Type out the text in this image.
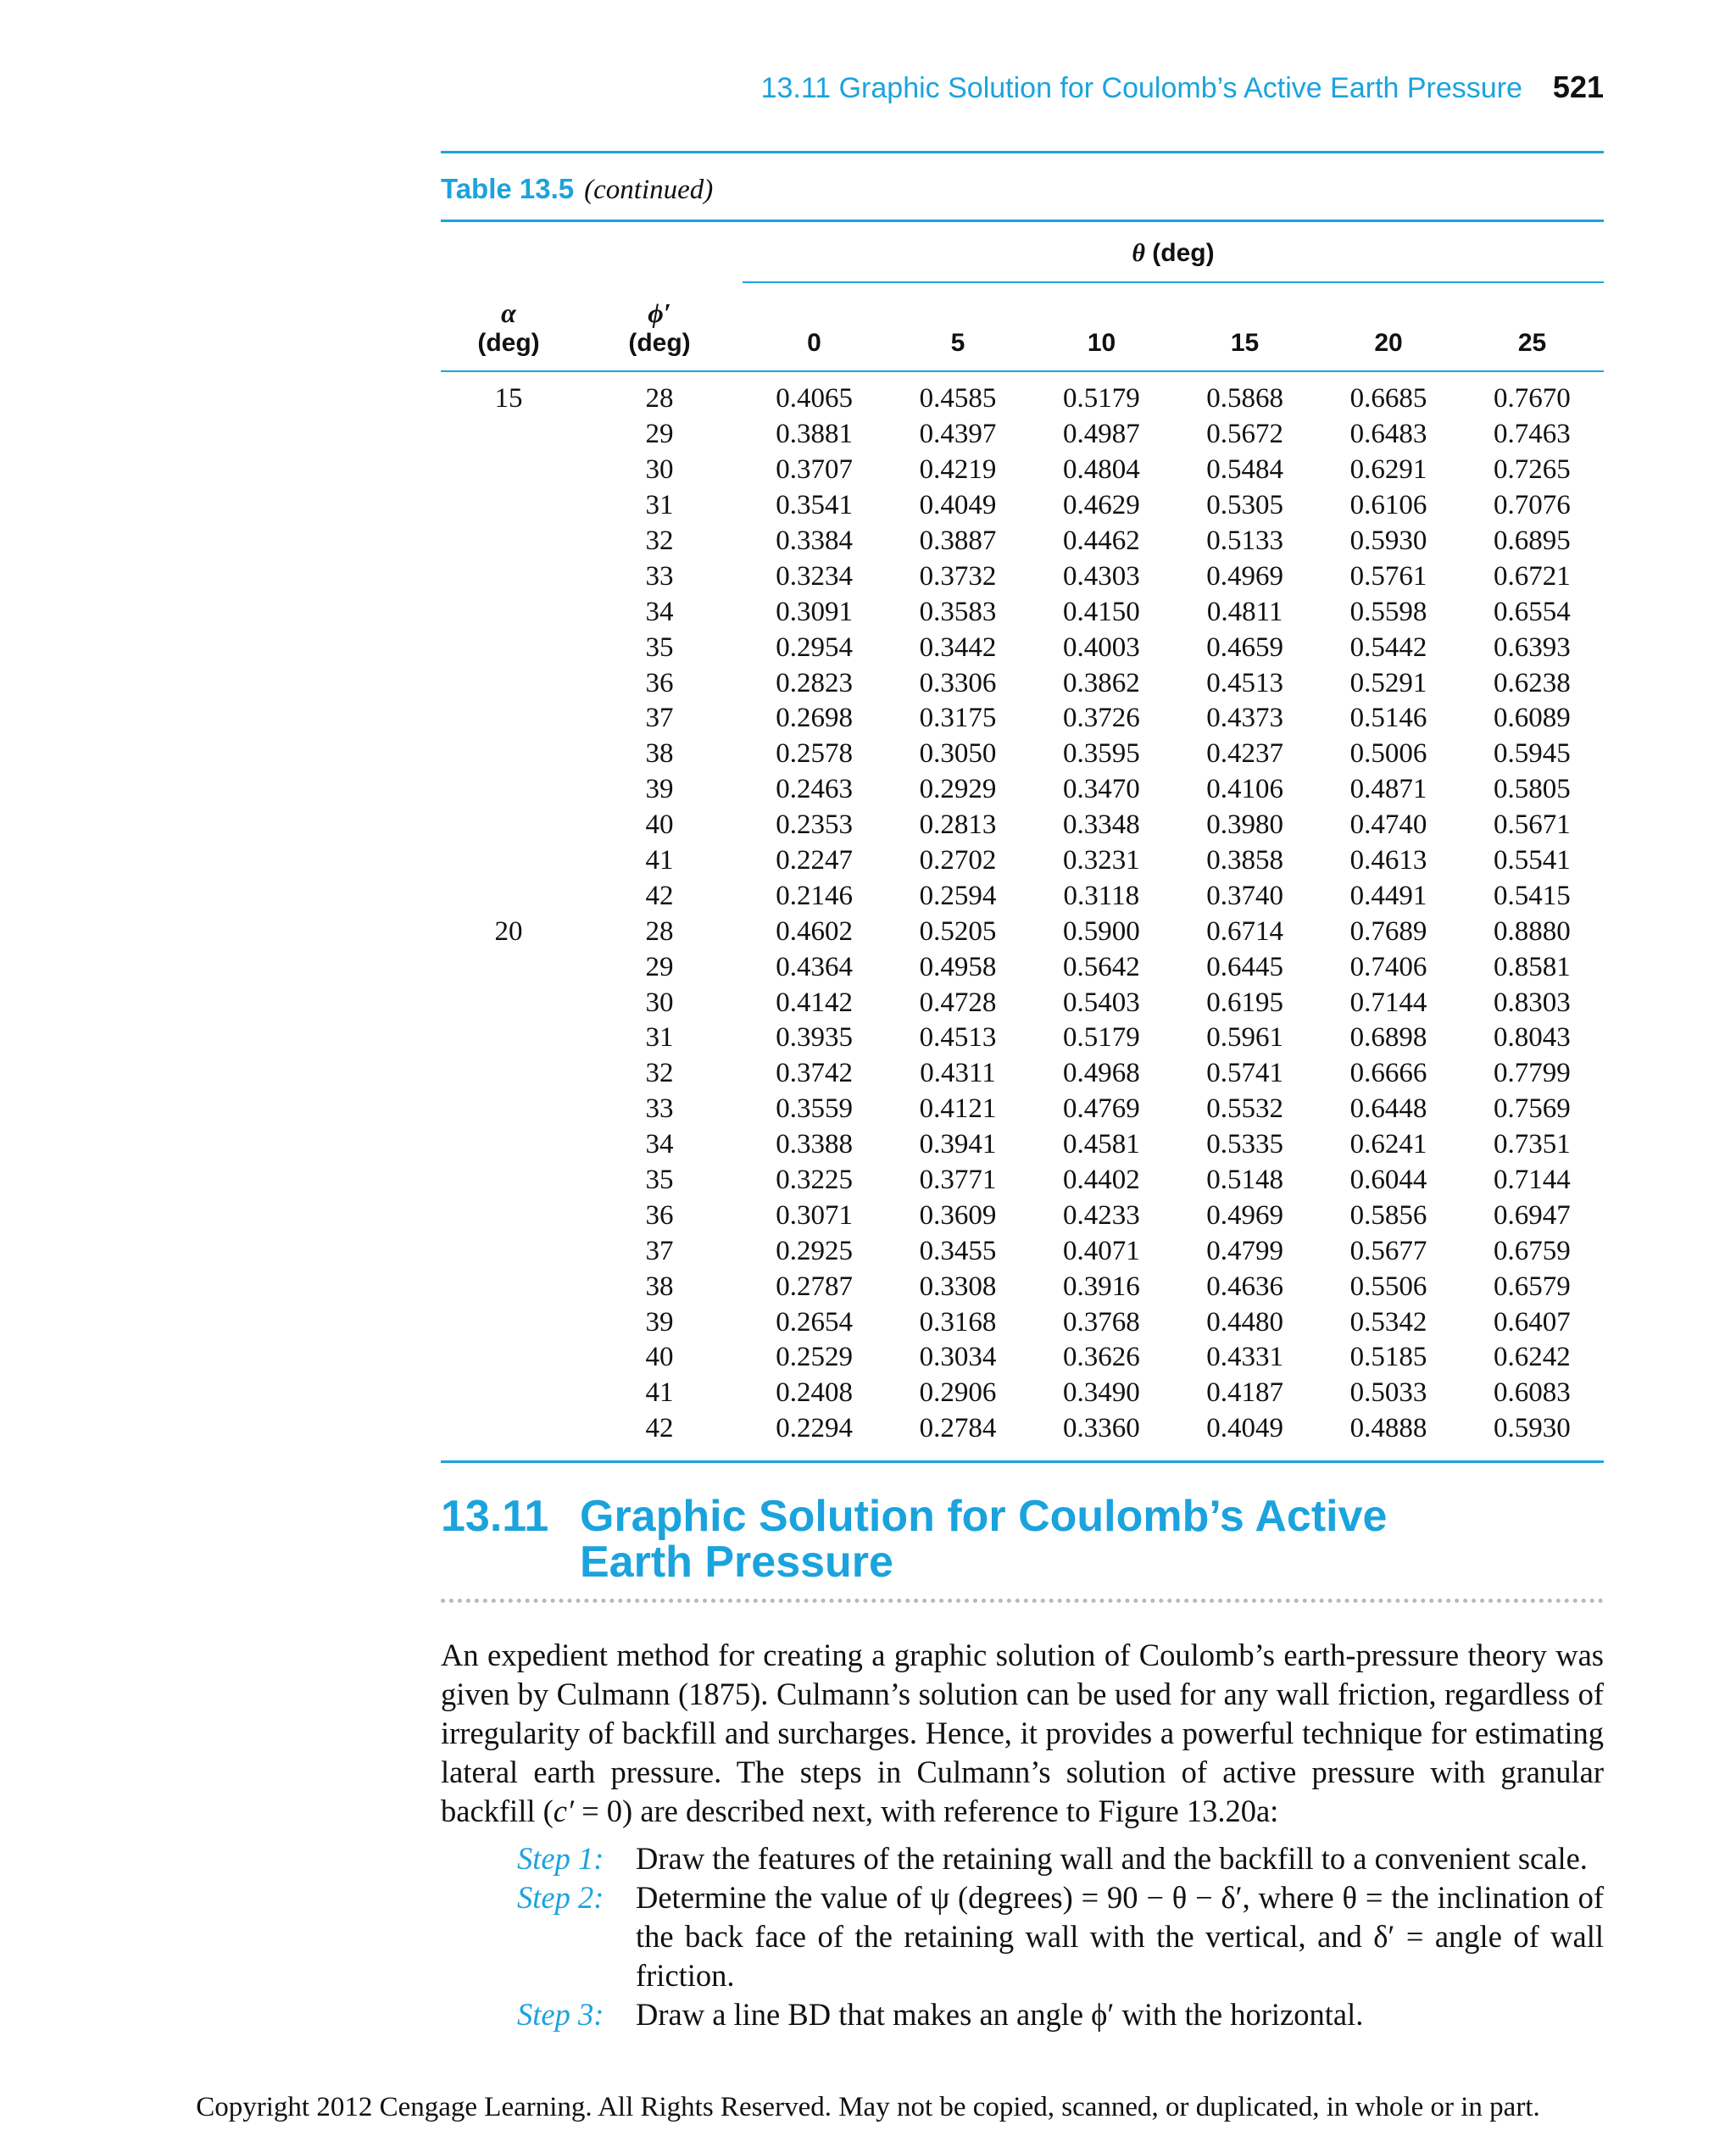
13.11 Graphic Solution for Coulomb’s Active Earth Pressure 521
Table 13.5 (continued)
θ (deg)
α
(deg)
ϕ′
(deg)	0	5	10	15	20	25
15	28	0.4065	0.4585	0.5179	0.5868	0.6685	0.7670
	29	0.3881	0.4397	0.4987	0.5672	0.6483	0.7463
	30	0.3707	0.4219	0.4804	0.5484	0.6291	0.7265
	31	0.3541	0.4049	0.4629	0.5305	0.6106	0.7076
	32	0.3384	0.3887	0.4462	0.5133	0.5930	0.6895
	33	0.3234	0.3732	0.4303	0.4969	0.5761	0.6721
	34	0.3091	0.3583	0.4150	0.4811	0.5598	0.6554
	35	0.2954	0.3442	0.4003	0.4659	0.5442	0.6393
	36	0.2823	0.3306	0.3862	0.4513	0.5291	0.6238
	37	0.2698	0.3175	0.3726	0.4373	0.5146	0.6089
	38	0.2578	0.3050	0.3595	0.4237	0.5006	0.5945
	39	0.2463	0.2929	0.3470	0.4106	0.4871	0.5805
	40	0.2353	0.2813	0.3348	0.3980	0.4740	0.5671
	41	0.2247	0.2702	0.3231	0.3858	0.4613	0.5541
	42	0.2146	0.2594	0.3118	0.3740	0.4491	0.5415
20	28	0.4602	0.5205	0.5900	0.6714	0.7689	0.8880
	29	0.4364	0.4958	0.5642	0.6445	0.7406	0.8581
	30	0.4142	0.4728	0.5403	0.6195	0.7144	0.8303
	31	0.3935	0.4513	0.5179	0.5961	0.6898	0.8043
	32	0.3742	0.4311	0.4968	0.5741	0.6666	0.7799
	33	0.3559	0.4121	0.4769	0.5532	0.6448	0.7569
	34	0.3388	0.3941	0.4581	0.5335	0.6241	0.7351
	35	0.3225	0.3771	0.4402	0.5148	0.6044	0.7144
	36	0.3071	0.3609	0.4233	0.4969	0.5856	0.6947
	37	0.2925	0.3455	0.4071	0.4799	0.5677	0.6759
	38	0.2787	0.3308	0.3916	0.4636	0.5506	0.6579
	39	0.2654	0.3168	0.3768	0.4480	0.5342	0.6407
	40	0.2529	0.3034	0.3626	0.4331	0.5185	0.6242
	41	0.2408	0.2906	0.3490	0.4187	0.5033	0.6083
	42	0.2294	0.2784	0.3360	0.4049	0.4888	0.5930
13.11 Graphic Solution for Coulomb’s Active
Earth Pressure
An expedient method for creating a graphic solution of Coulomb’s earth-pressure theory was given by Culmann (1875). Culmann’s solution can be used for any wall friction, regardless of irregularity of backfill and surcharges. Hence, it provides a powerful technique for estimating lateral earth pressure. The steps in Culmann’s solution of active pressure with granular backfill (c′ = 0) are described next, with reference to Figure 13.20a:
Step 1:	Draw the features of the retaining wall and the backfill to a convenient scale.
Step 2:	Determine the value of ψ (degrees) = 90 − θ − δ′, where θ = the inclination of the back face of the retaining wall with the vertical, and δ′ = angle of wall friction.
Step 3:	Draw a line BD that makes an angle ϕ′ with the horizontal.
Copyright 2012 Cengage Learning. All Rights Reserved. May not be copied, scanned, or duplicated, in whole or in part.
